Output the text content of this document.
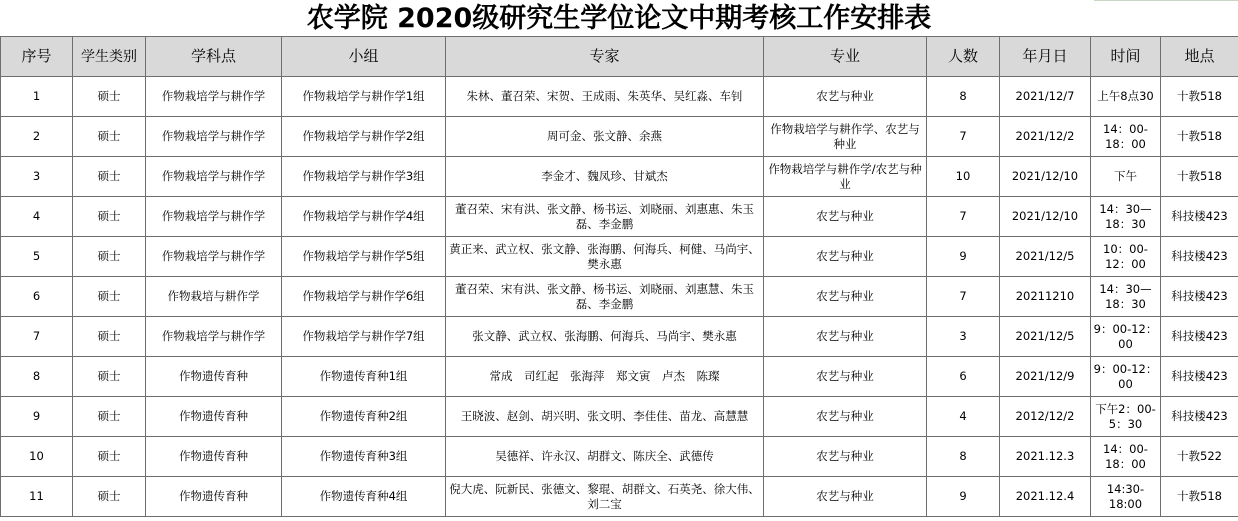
农学院 2020级研究生学位论文中期考核工作安排表
序号	学生类别	学科点	小组	专家	专业	人数	年月日	时间	地点
1	硕士	作物栽培学与耕作学	作物栽培学与耕作学1组	朱林、董召荣、宋贺、王成雨、朱英华、吴红淼、车钊	农艺与种业	8	2021/12/7	上午8点30	十教518
2	硕士	作物栽培学与耕作学	作物栽培学与耕作学2组	周可金、张文静、余燕	作物栽培学与耕作学、农艺与种业	7	2021/12/2	14：00-18：00	十教518
3	硕士	作物栽培学与耕作学	作物栽培学与耕作学3组	李金才、魏凤珍、甘斌杰	作物栽培学与耕作学/农艺与种业	10	2021/12/10	下午	十教518
4	硕士	作物栽培学与耕作学	作物栽培学与耕作学4组	董召荣、宋有洪、张文静、杨书运、刘晓丽、刘惠惠、朱玉磊、李金鹏	农艺与种业	7	2021/12/10	14：30—18：30	科技楼423
5	硕士	作物栽培学与耕作学	作物栽培学与耕作学5组	黄正来、武立权、张文静、张海鹏、何海兵、柯健、马尚宇、樊永惠	农艺与种业	9	2021/12/5	10：00-12：00	科技楼423
6	硕士	作物栽培与耕作学	作物栽培学与耕作学6组	董召荣、宋有洪、张文静、杨书运、刘晓丽、刘惠慧、朱玉磊、李金鹏	农艺与种业	7	20211210	14：30—18：30	科技楼423
7	硕士	作物栽培学与耕作学	作物栽培学与耕作学7组	张文静、武立权、张海鹏、何海兵、马尚宇、樊永惠	农艺与种业	3	2021/12/5	9：00-12：00	科技楼423
8	硕士	作物遗传育种	作物遗传育种1组	常成　司红起　张海萍　郑文寅　卢杰　陈璨	农艺与种业	6	2021/12/9	9：00-12：00	科技楼423
9	硕士	作物遗传育种	作物遗传育种2组	王晓波、赵剑、胡兴明、张文明、李佳佳、苗龙、高慧慧	农艺与种业	4	2012/12/2	下午2：00-5：30	科技楼423
10	硕士	作物遗传育种	作物遗传育种3组	吴德祥、许永汉、胡群文、陈庆全、武德传	农艺与种业	8	2021.12.3	14：00-18：00	十教522
11	硕士	作物遗传育种	作物遗传育种4组	倪大虎、阮新民、张德文、黎琨、胡群文、石英尧、徐大伟、刘二宝	农艺与种业	9	2021.12.4	14:30-18:00	十教518
